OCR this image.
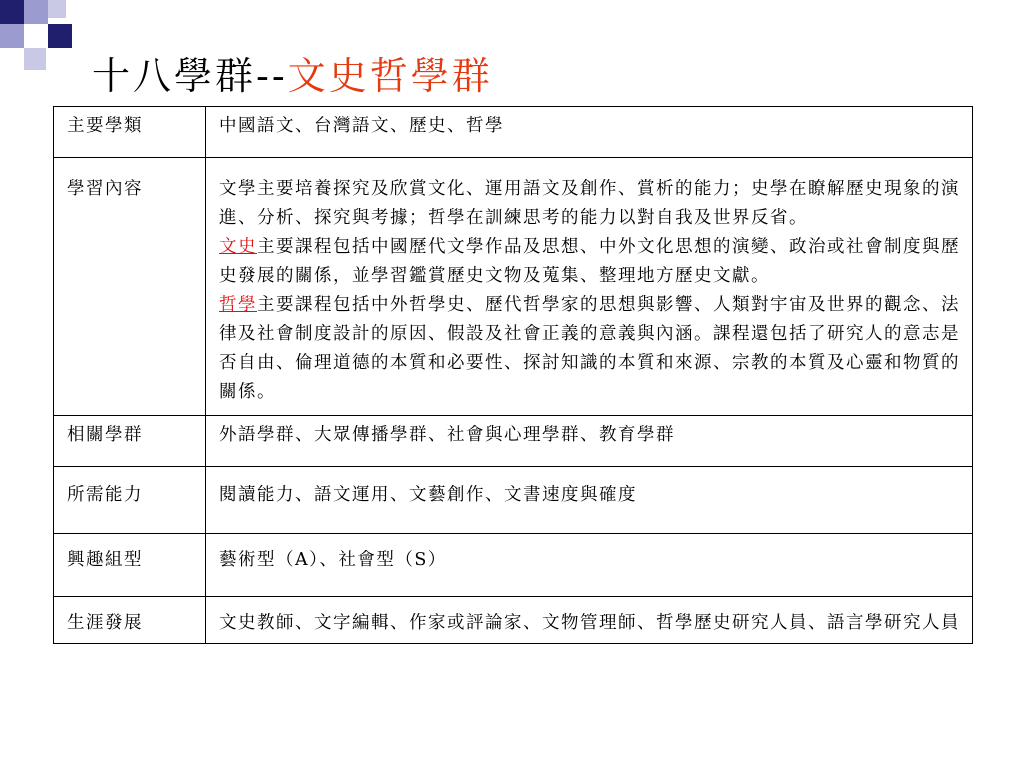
十八學群--文史哲學群
主要學類	中國語文、台灣語文、歷史、哲學
學習內容	文學主要培養探究及欣賞文化、運用語文及創作、賞析的能力；史學在瞭解歷史現象的演進、分析、探究與考據；哲學在訓練思考的能力以對自我及世界反省。
文史主要課程包括中國歷代文學作品及思想、中外文化思想的演變、政治或社會制度與歷史發展的關係，並學習鑑賞歷史文物及蒐集、整理地方歷史文獻。
哲學主要課程包括中外哲學史、歷代哲學家的思想與影響、人類對宇宙及世界的觀念、法律及社會制度設計的原因、假設及社會正義的意義與內涵。課程還包括了研究人的意志是否自由、倫理道德的本質和必要性、探討知識的本質和來源、宗教的本質及心靈和物質的關係。

相關學群	外語學群、大眾傳播學群、社會與心理學群、教育學群
所需能力	閱讀能力、語文運用、文藝創作、文書速度與確度
興趣組型	藝術型（A）、社會型（S）
生涯發展	文史教師、文字編輯、作家或評論家、文物管理師、哲學歷史研究人員、語言學研究人員
